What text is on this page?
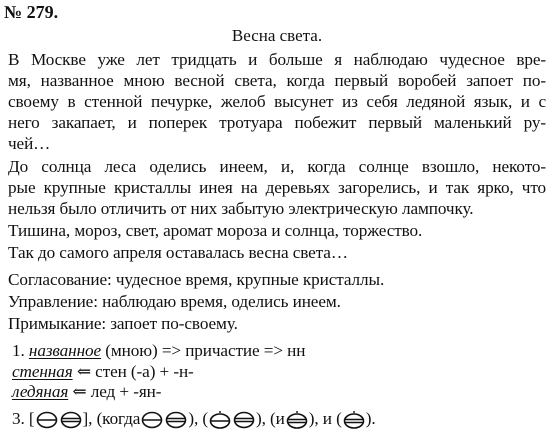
№ 279.
Весна света.
В Москве уже лет тридцать и больше я наблюдаю чудесное вре-
мя, названное мною весной света, когда первый воробей запоет по-
своему в стенной печурке, желоб высунет из себя ледяной язык, и с
него закапает, и поперек тротуара побежит первый маленький ру-
чей…
До солнца леса оделись инеем, и, когда солнце взошло, некото-
рые крупные кристаллы инея на деревьях загорелись, и так ярко, что
нельзя было отличить от них забытую электрическую лампочку.
Тишина, мороз, свет, аромат мороза и солнца, торжество.
Так до самого апреля оставалась весна света…
Согласование: чудесное время, крупные кристаллы.
Управление: наблюдаю время, оделись инеем.
Примыкание: запоет по-своему.
1. названное (мною) => причастие => нн
стенная ⇐ стен (-а) + -н-
ледяная ⇐ лед + -ян-
3. [	], (когда	), (	), (и ), и ( ).
